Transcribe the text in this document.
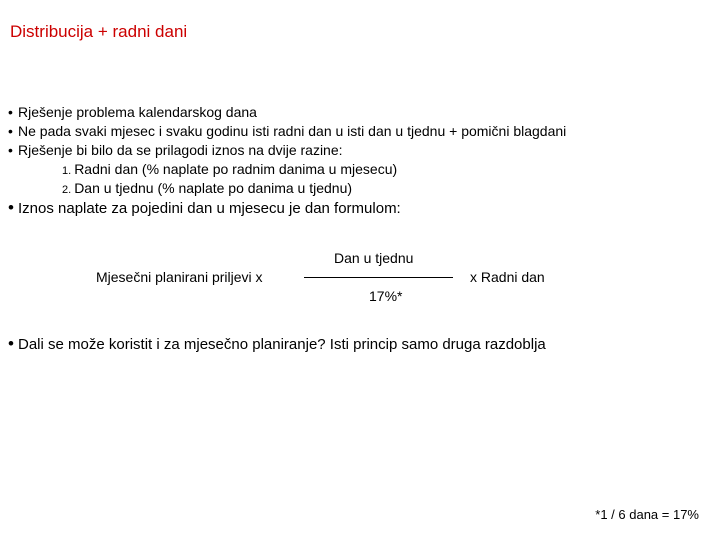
Distribucija + radni dani
• Rješenje problema kalendarskog dana
• Ne pada svaki mjesec i svaku godinu isti radni dan u isti dan u tjednu + pomični blagdani
• Rješenje bi bilo da se prilagodi iznos na dvije razine:
1. Radni dan (% naplate po radnim danima u mjesecu)
2. Dan u tjednu (% naplate po danima u tjednu)
• Iznos naplate za pojedini dan u mjesecu je dan formulom:
Mjesečni planirani priljevi x
Dan u tjednu
17%*
x Radni dan
• Dali se može koristit i za mjesečno planiranje? Isti princip samo druga razdoblja
*1 / 6 dana = 17%
